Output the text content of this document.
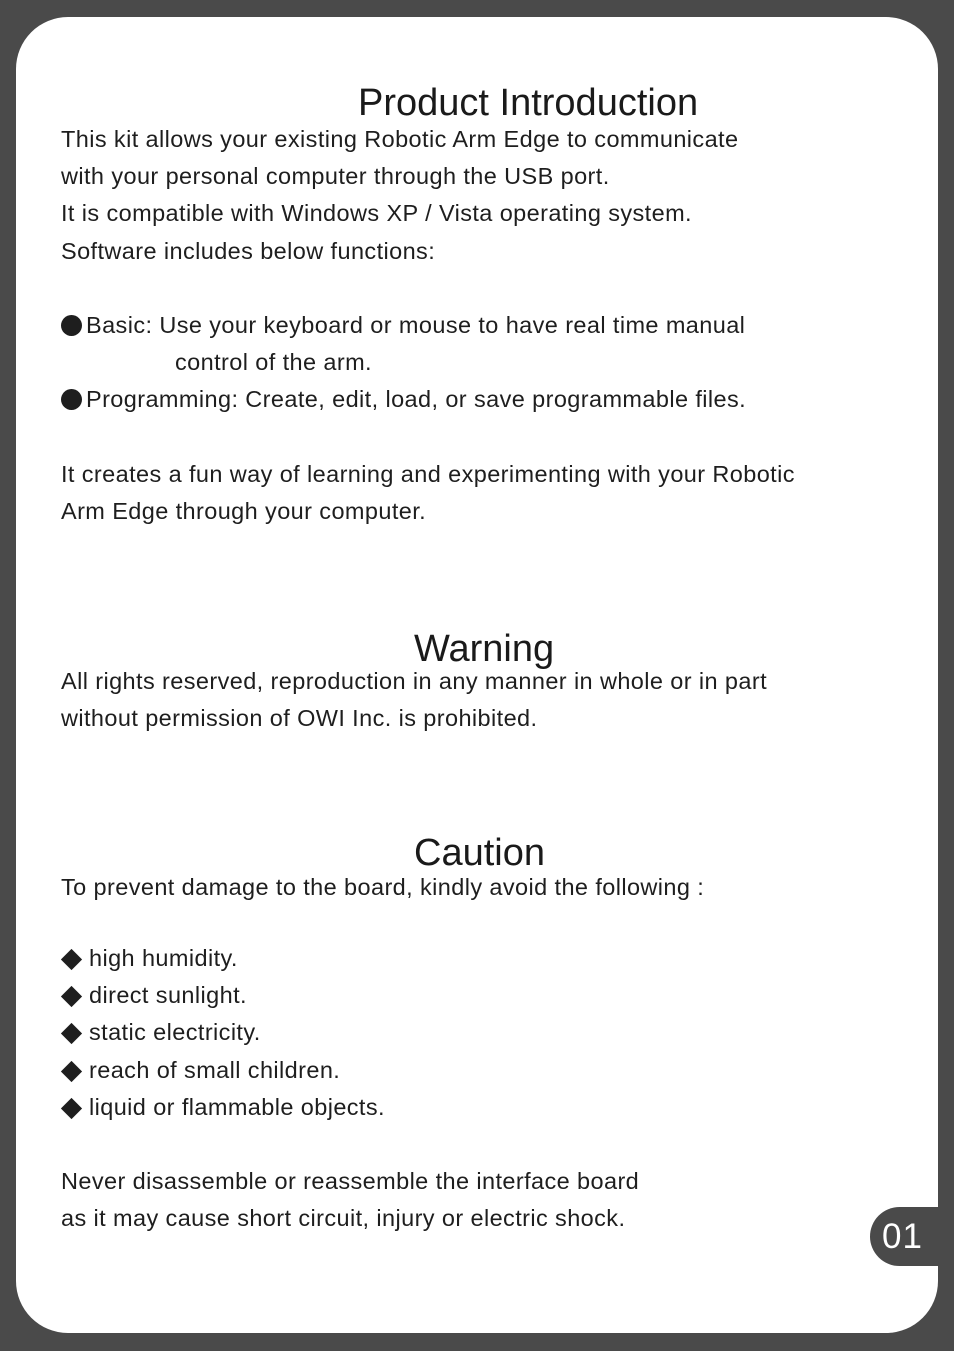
Product Introduction
This kit allows your existing Robotic Arm Edge to communicate
with your personal computer through the USB port.
It is compatible with Windows XP / Vista operating system.
Software includes below functions:
Basic: Use your keyboard or mouse to have real time manual
control of the arm.
Programming: Create, edit, load, or save programmable files.
It creates a fun way of learning and experimenting with your Robotic
Arm Edge through your computer.
Warning
All rights reserved, reproduction in any manner in whole or in part
without permission of OWI Inc. is prohibited.
Caution
To prevent damage to the board, kindly avoid the following :
high humidity.
direct sunlight.
static electricity.
reach of small children.
liquid or flammable objects.
Never disassemble or reassemble the interface board
as it may cause short circuit, injury or electric shock.	01
